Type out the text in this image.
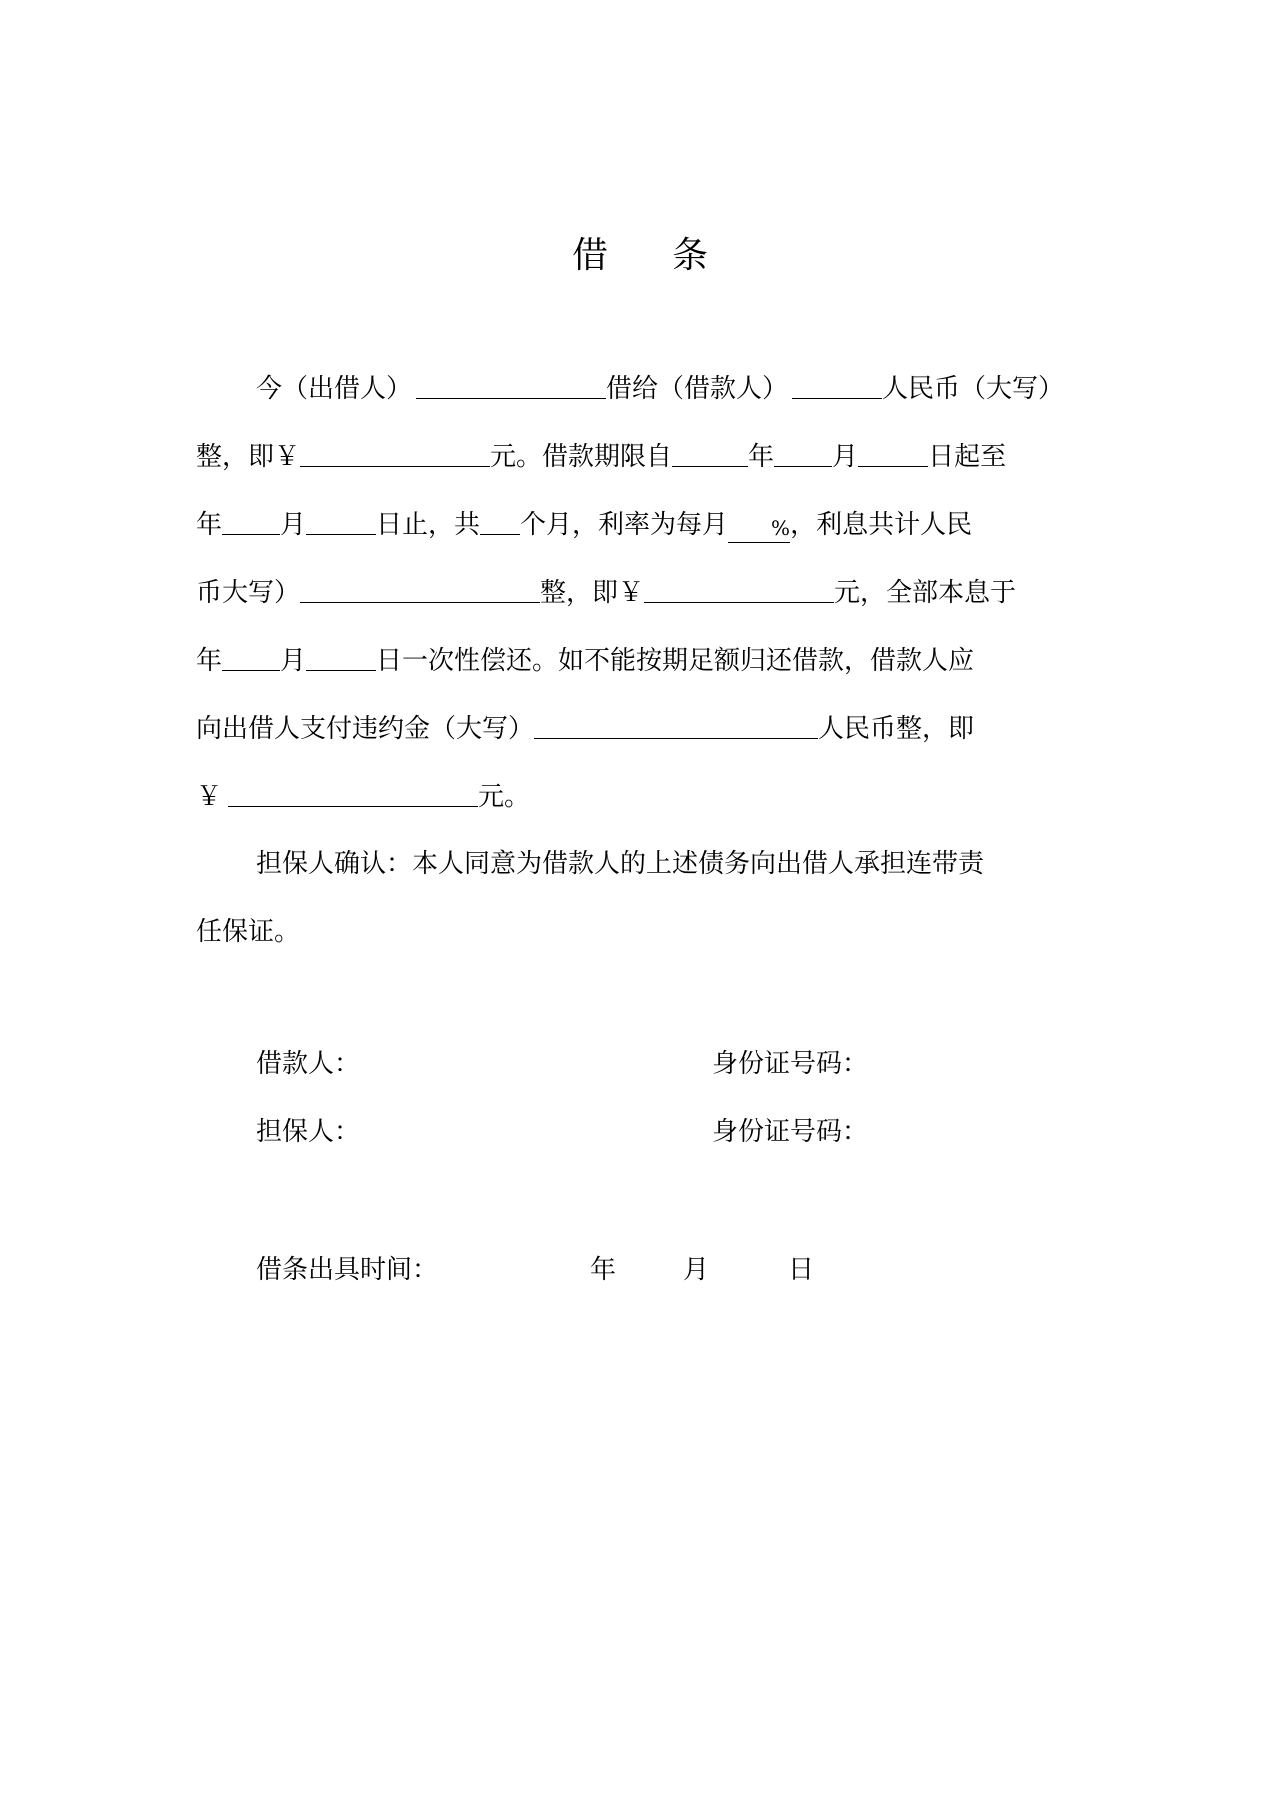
借 条
今（出借人）	借给（借款人）	人民币（大写）
整，即￥	元。借款期限自	年 月	日起至
年 月	日止，共 个月，利率为每月	% ，利息共计人民
币大写）	整，即￥	元，全部本息于
年 月	日一次性偿还。如不能按期足额归还借款，借款人应
向出借人支付违约金（大写）	人民币整，即
￥	元。
担保人确认：本人同意为借款人的上述债务向出借人承担连带责
任保证。
借款人：	身份证号码：
担保人：	身份证号码：
借条出具时间：	年	月	日
